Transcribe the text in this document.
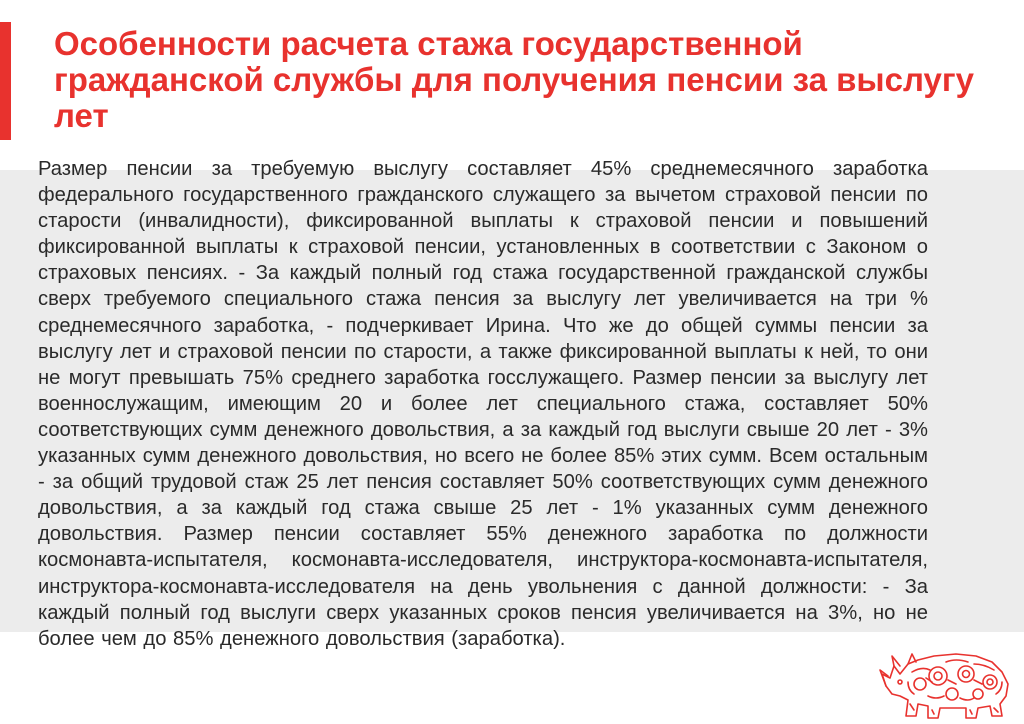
Особенности расчета стажа государственной гражданской службы для получения пенсии за выслугу лет

Размер пенсии за требуемую выслугу составляет 45% среднемесячного заработка федерального государственного гражданского служащего за вычетом страховой пенсии по старости (инвалидности), фиксированной выплаты к страховой пенсии и повышений фиксированной выплаты к страховой пенсии, установленных в соответствии с Законом о страховых пенсиях. - За каждый полный год стажа государственной гражданской службы сверх требуемого специального стажа пенсия за выслугу лет увеличивается на три % среднемесячного заработка, - подчеркивает Ирина. Что же до общей суммы пенсии за выслугу лет и страховой пенсии по старости, а также фиксированной выплаты к ней, то они не могут превышать 75% среднего заработка госслужащего. Размер пенсии за выслугу лет военнослужащим, имеющим 20 и более лет специального стажа, составляет 50% соответствующих сумм денежного довольствия, а за каждый год выслуги свыше 20 лет - 3% указанных сумм денежного довольствия, но всего не более 85% этих сумм. Всем остальным - за общий трудовой стаж 25 лет пенсия составляет 50% соответствующих сумм денежного довольствия, а за каждый год стажа свыше 25 лет - 1% указанных сумм денежного довольствия. Размер пенсии составляет 55% денежного заработка по должности космонавта-испытателя, космонавта-исследователя, инструктора-космонавта-испытателя, инструктора-космонавта-исследователя на день увольнения с данной должности: - За каждый полный год выслуги сверх указанных сроков пенсия увеличивается на 3%, но не более чем до 85% денежного довольствия (заработка).
